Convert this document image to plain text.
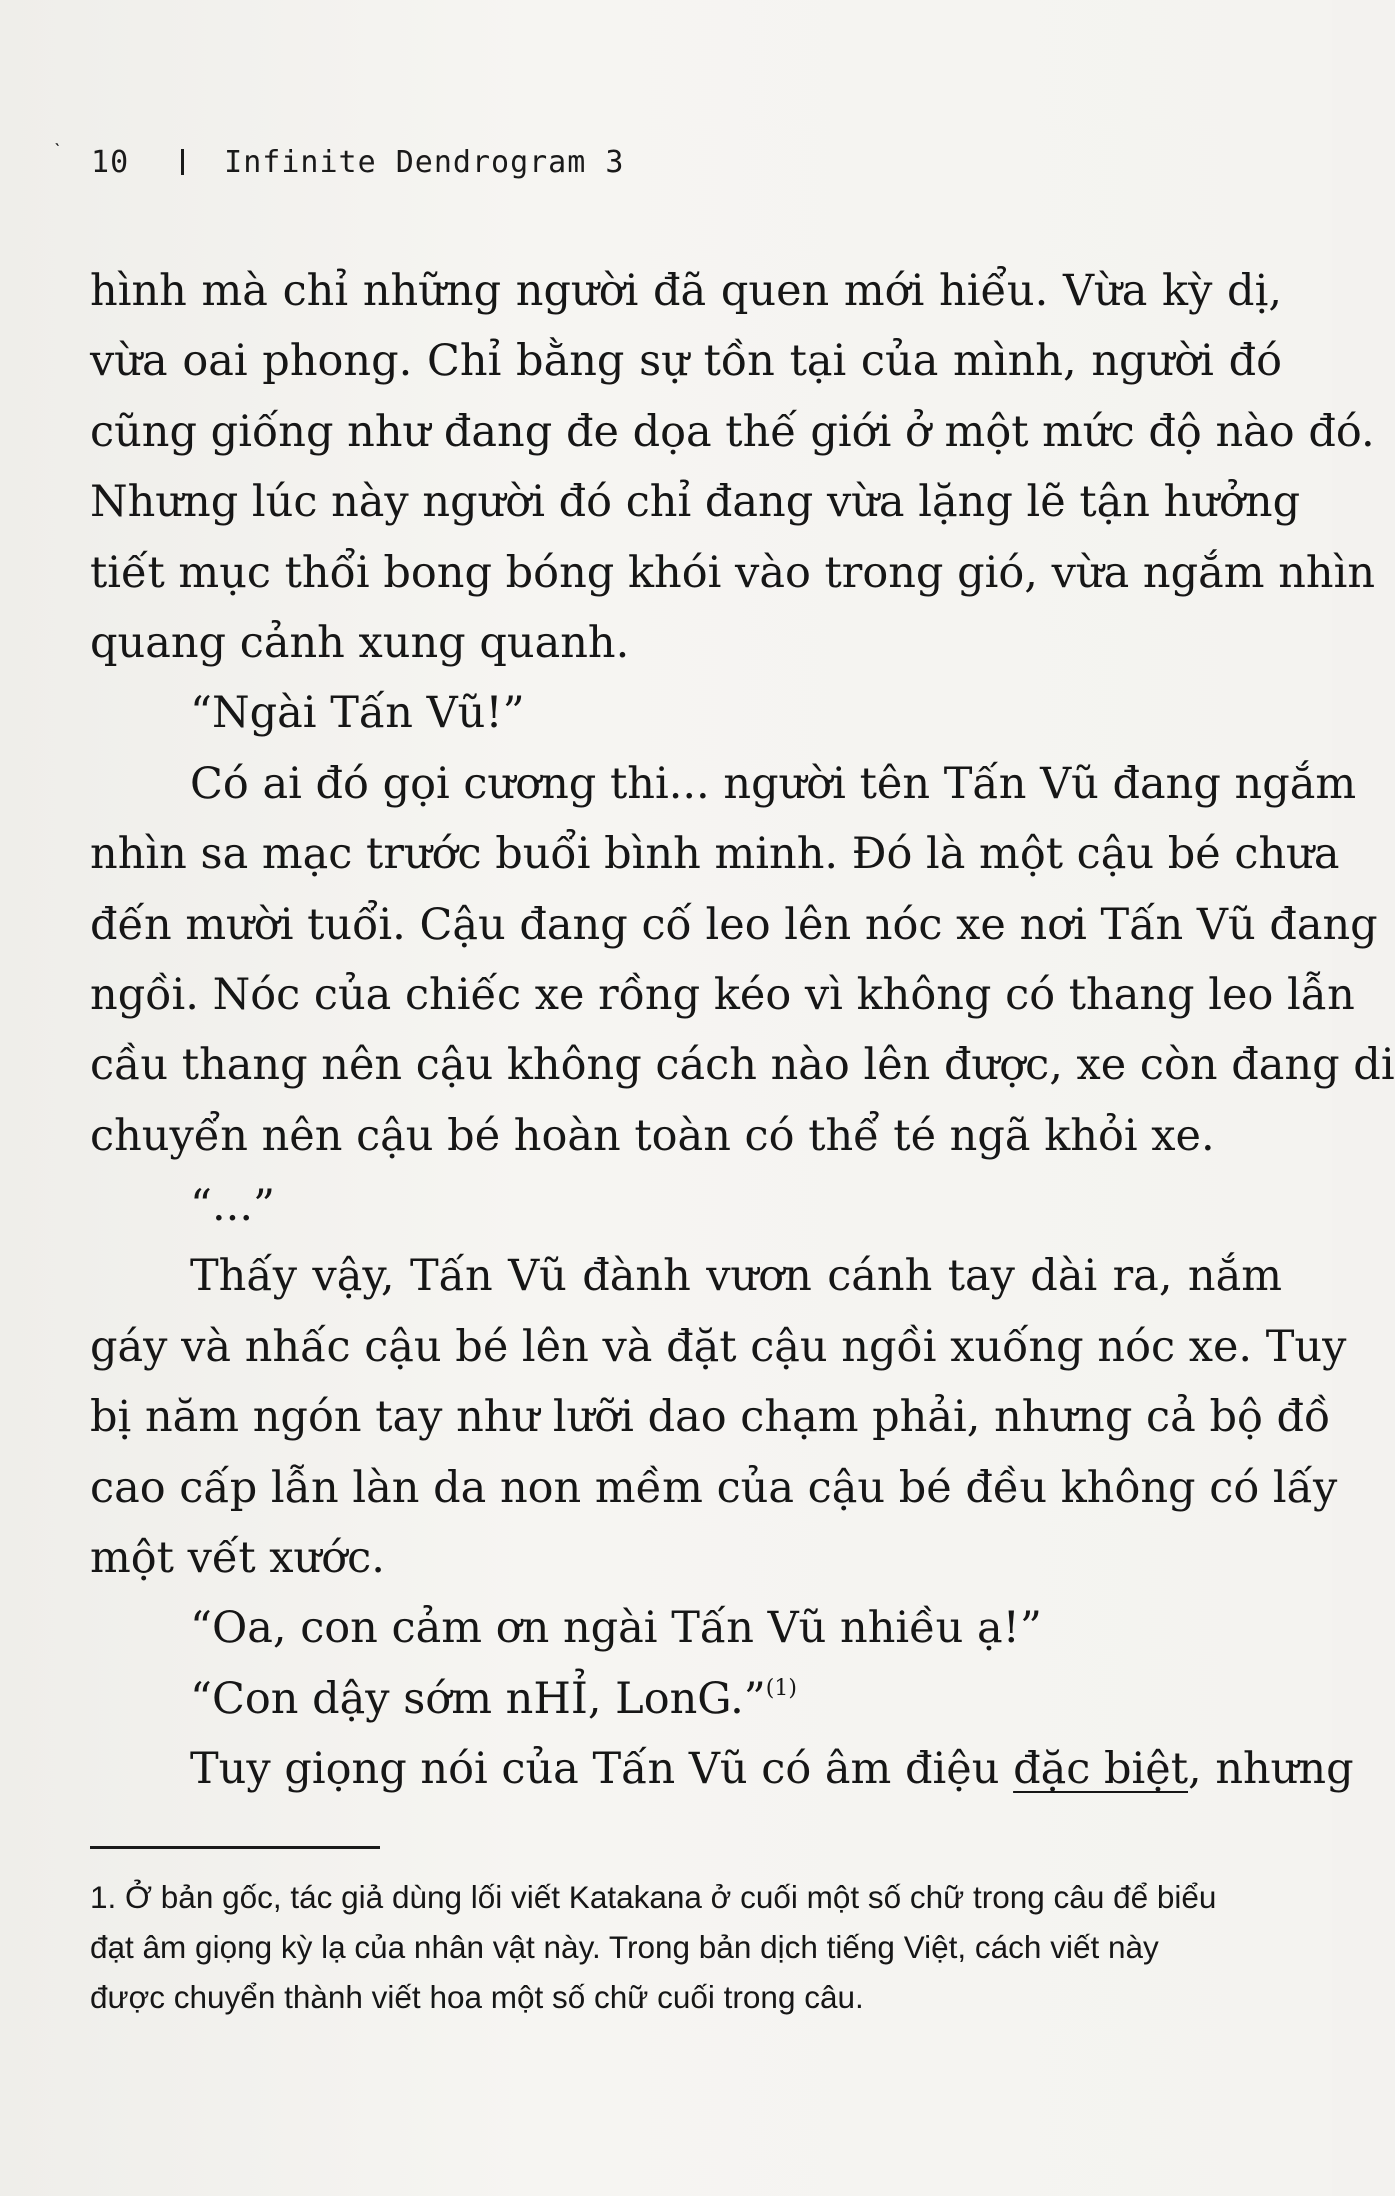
ˋ 10	Infinite Dendrogram 3
hình mà chỉ những người đã quen mới hiểu. Vừa kỳ dị,
vừa oai phong. Chỉ bằng sự tồn tại của mình, người đó
cũng giống như đang đe dọa thế giới ở một mức độ nào đó.
Nhưng lúc này người đó chỉ đang vừa lặng lẽ tận hưởng
tiết mục thổi bong bóng khói vào trong gió, vừa ngắm nhìn
quang cảnh xung quanh.
“Ngài Tấn Vũ!”
Có ai đó gọi cương thi... người tên Tấn Vũ đang ngắm
nhìn sa mạc trước buổi bình minh. Đó là một cậu bé chưa
đến mười tuổi. Cậu đang cố leo lên nóc xe nơi Tấn Vũ đang
ngồi. Nóc của chiếc xe rồng kéo vì không có thang leo lẫn
cầu thang nên cậu không cách nào lên được, xe còn đang di
chuyển nên cậu bé hoàn toàn có thể té ngã khỏi xe.
“...”
Thấy vậy, Tấn Vũ đành vươn cánh tay dài ra, nắm
gáy và nhấc cậu bé lên và đặt cậu ngồi xuống nóc xe. Tuy
bị năm ngón tay như lưỡi dao chạm phải, nhưng cả bộ đồ
cao cấp lẫn làn da non mềm của cậu bé đều không có lấy
một vết xước.
“Oa, con cảm ơn ngài Tấn Vũ nhiều ạ!”
“Con dậy sớm nHỈ, LonG.”$^{(1)}$
Tuy giọng nói của Tấn Vũ có âm điệu đặc biệt, nhưng
1. Ở bản gốc, tác giả dùng lối viết Katakana ở cuối một số chữ trong câu để biểu
đạt âm giọng kỳ lạ của nhân vật này. Trong bản dịch tiếng Việt, cách viết này
được chuyển thành viết hoa một số chữ cuối trong câu.
